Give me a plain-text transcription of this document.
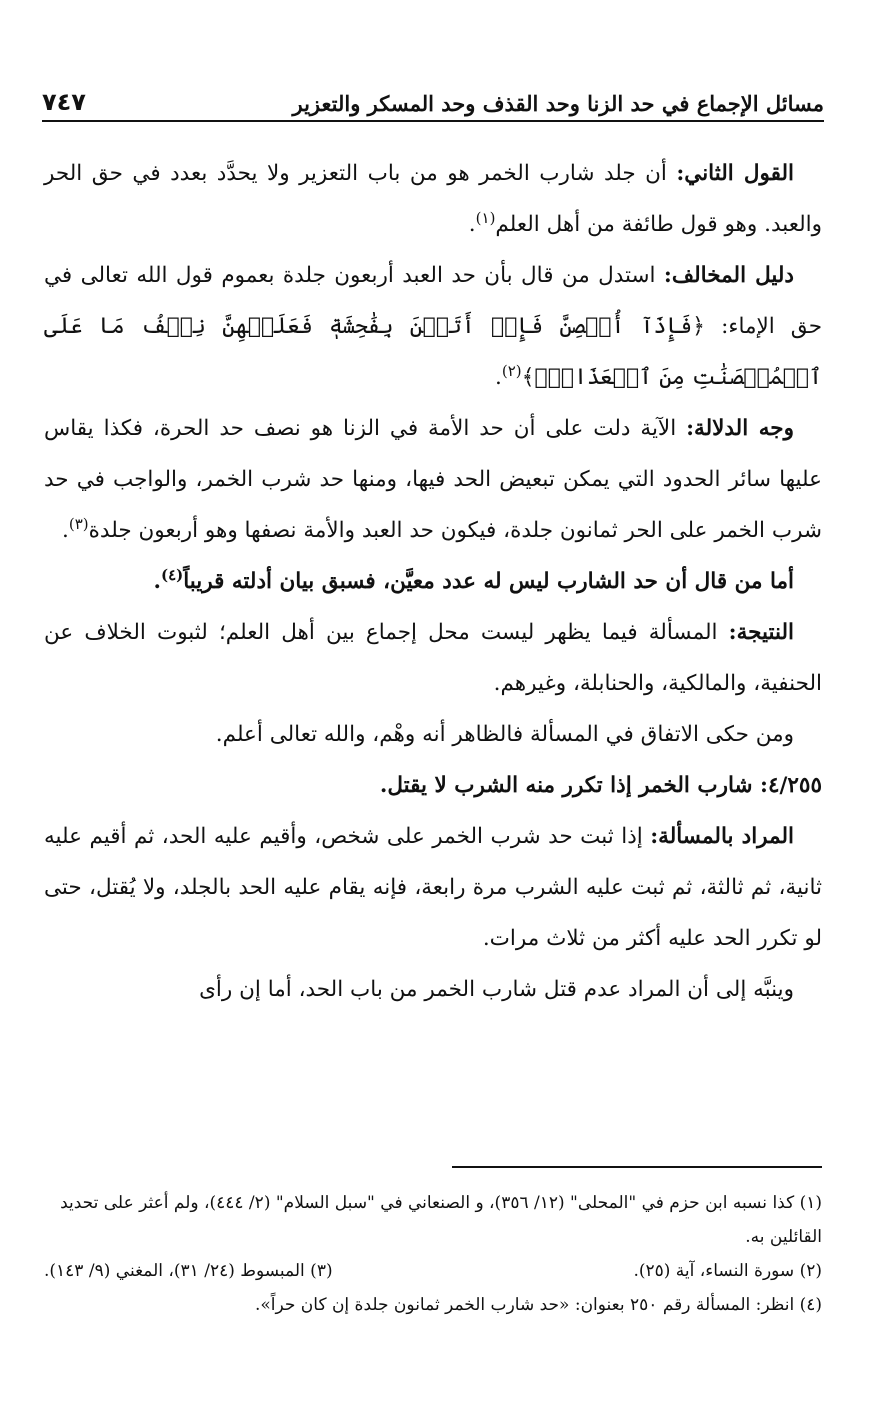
مسائل الإجماع في حد الزنا وحد القذف وحد المسكر والتعزير
٧٤٧

القول الثاني: أن جلد شارب الخمر هو من باب التعزير ولا يحدَّد بعدد في حق الحر والعبد. وهو قول طائفة من أهل العلم$^{(١)}$.

دليل المخالف: استدل من قال بأن حد العبد أربعون جلدة بعموم قول الله تعالى في حق الإماء: ﴿فَإِذَآ أُحۡصِنَّ فَإِنۡ أَتَيۡنَ بِفَٰحِشَةٖ فَعَلَيۡهِنَّ نِصۡفُ مَا عَلَى ٱلۡمُحۡصَنَٰتِ مِنَ ٱلۡعَذَابِۚ﴾$^{(٢)}$.

وجه الدلالة: الآية دلت على أن حد الأمة في الزنا هو نصف حد الحرة، فكذا يقاس عليها سائر الحدود التي يمكن تبعيض الحد فيها، ومنها حد شرب الخمر، والواجب في حد شرب الخمر على الحر ثمانون جلدة، فيكون حد العبد والأمة نصفها وهو أربعون جلدة$^{(٣)}$.

أما من قال أن حد الشارب ليس له عدد معيَّن، فسبق بيان أدلته قريباً$^{(٤)}$.

النتيجة: المسألة فيما يظهر ليست محل إجماع بين أهل العلم؛ لثبوت الخلاف عن الحنفية، والمالكية، والحنابلة، وغيرهم.

ومن حكى الاتفاق في المسألة فالظاهر أنه وهْم، والله تعالى أعلم.

٤/٢٥٥: شارب الخمر إذا تكرر منه الشرب لا يقتل.

المراد بالمسألة: إذا ثبت حد شرب الخمر على شخص، وأقيم عليه الحد، ثم أقيم عليه ثانية، ثم ثالثة، ثم ثبت عليه الشرب مرة رابعة، فإنه يقام عليه الحد بالجلد، ولا يُقتل، حتى لو تكرر الحد عليه أكثر من ثلاث مرات.

وينبَّه إلى أن المراد عدم قتل شارب الخمر من باب الحد، أما إن رأى

(١) كذا نسبه ابن حزم في "المحلى" (١٢/ ٣٥٦)، و الصنعاني في "سبل السلام" (٢/ ٤٤٤)، ولم أعثر على تحديد القائلين به.

(٢) سورة النساء، آية (٢٥).
(٣) المبسوط (٢٤/ ٣١)، المغني (٩/ ١٤٣).

(٤) انظر: المسألة رقم ٢٥٠ بعنوان: «حد شارب الخمر ثمانون جلدة إن كان حراً».
